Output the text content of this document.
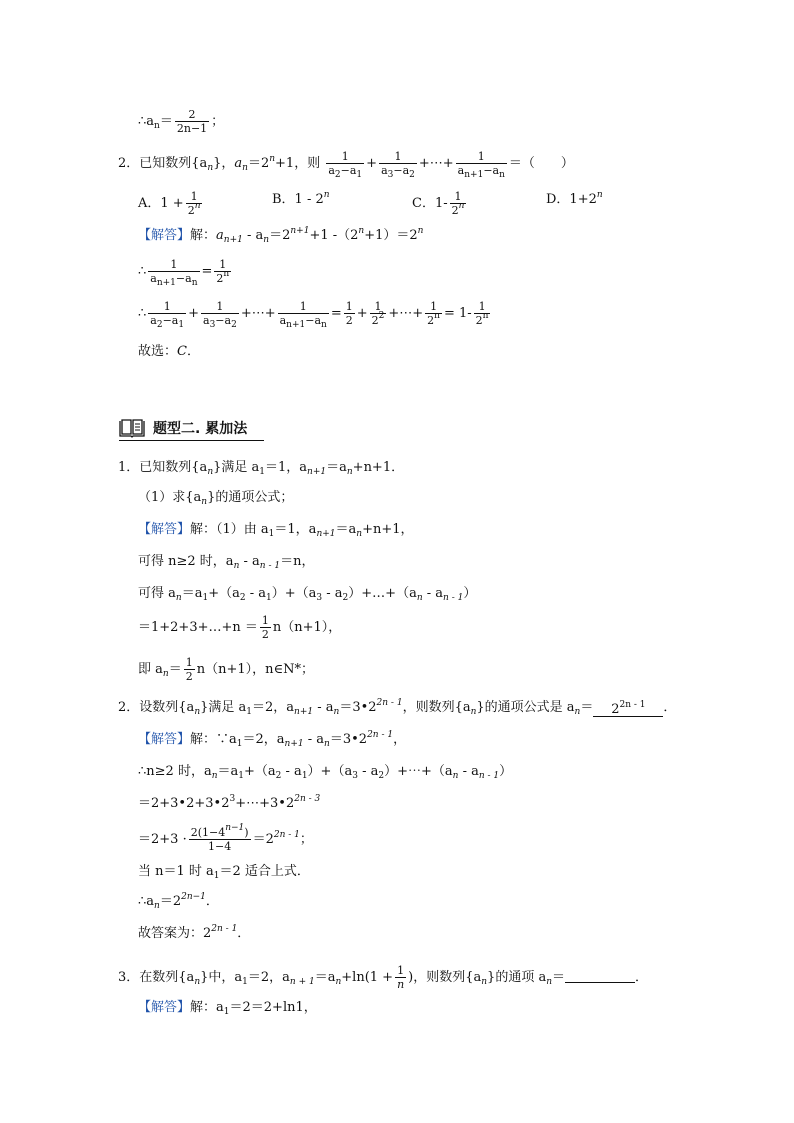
$\therefore a_n= \frac{2}{2n-1}$ ；
2．已知数列$\{a_n\}$，$a_n=2^n+1$，则 $\frac{1}{a_2-a_1} + \frac{1}{a_3-a_2}$ +⋯+ $\frac{1}{a_{n+1}-a_n}$ ＝（　　）
A．$1 + \frac{1}{2^n}$	B．1 - 2$^n$
C．$1- \frac{1}{2^n}$	D．$1+2^n$
【解答】解：$a_{n+1} - a_n=2^{n+1}+1$ $-(2^n+1)=2^n$
∴ $\frac{1}{a_{n+1}-a_n} = \frac{1}{2^n}$
∴ $\frac{1}{a_2-a_1} + \frac{1}{a_3-a_2}$ +⋯+ $\frac{1}{a_{n+1}-a_n} = \frac{1}{2} + \frac{1}{2^2}$ +⋯+ $\frac{1}{2^n} = 1- \frac{1}{2^n}$
故选：C．
题型二. 累加法
1．已知数列$\{a_n\}$满足 $a_1=1$，$a_{n+1}=a_n+n+1$．
（1）求$\{a_n\}$的通项公式；
【解答】解：（1）由 $a_1=1$，$a_{n+1}=a_n+n+1$，
可得 n≥2 时，$a_n - a_{n - 1}=n$，
可得 $a_n=a_1+(a_2 - a_1)+(a_3$ - $a_2)+\dots+(a_n - a_{n - 1})$
＝1+2+3+…+n ＝ $\frac{1}{2} n(n+1)$，
即 $a_n= \frac{1}{2} n(n+1)$，n∈N*；
2．设数列$\{a_n\}$满足 $a_1=2$，$a_{n+1}$ - $a_n=3•2^{2n - 1}$，则数列$\{a_n\}$的通项公式是 $a_n= 2^{2n - 1}$ ．
【解答】解：$\because a_1=2$，$a_{n+1}$ - $a_n=3•2^{2n - 1}$，
∴n≥2 时，$a_n=a_1+(a_2 - a_1)+(a_3$ - $a_2)+\cdots+(a_n - a_{n - 1})$
$=2+3•2+3•2^3+\cdots+3•2^{2n - 3}$
$=2+3 \cdot \frac{2(1-4^{n-1})}{1-4} =2^{2n - 1}$；
当 n＝1 时 $a_1=2$ 适合上式．
$\therefore a_n=2^{2n-1}$．
故答案为：$2^{2n - 1}$．
3．在数列$\{a_n\}$中，$a_1=2$，$a_{n + 1}=a_n+\ln(1 + \frac{1}{n}$ )，则数列$\{a_n\}$的通项 $a_n=$	．
【解答】解：$a_1=2=2+\ln 1$，
